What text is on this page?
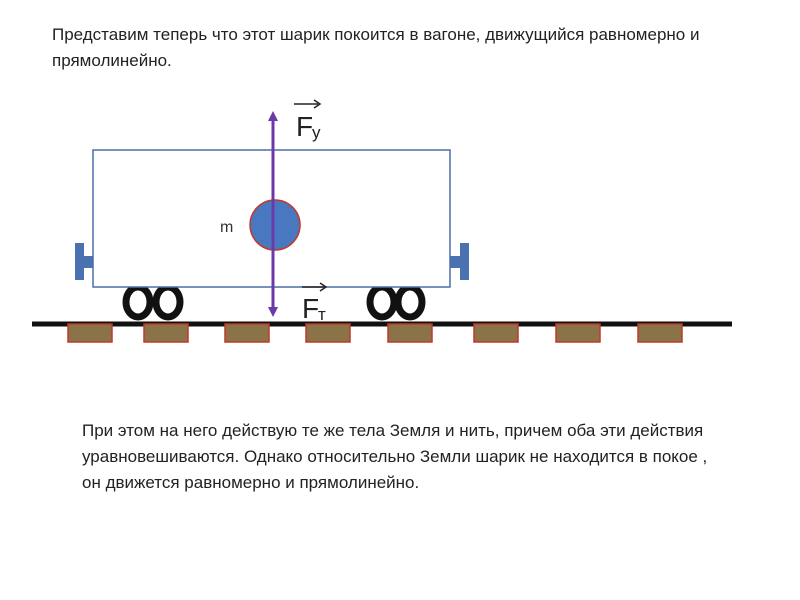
Представим теперь что этот шарик покоится в вагоне, движущийся равномерно и прямолинейно.
m
F
у
F
т
При этом на него действую те же тела Земля и нить, причем оба эти действия уравновешиваются. Однако относительно Земли шарик не находится в покое , он движется равномерно и прямолинейно.
